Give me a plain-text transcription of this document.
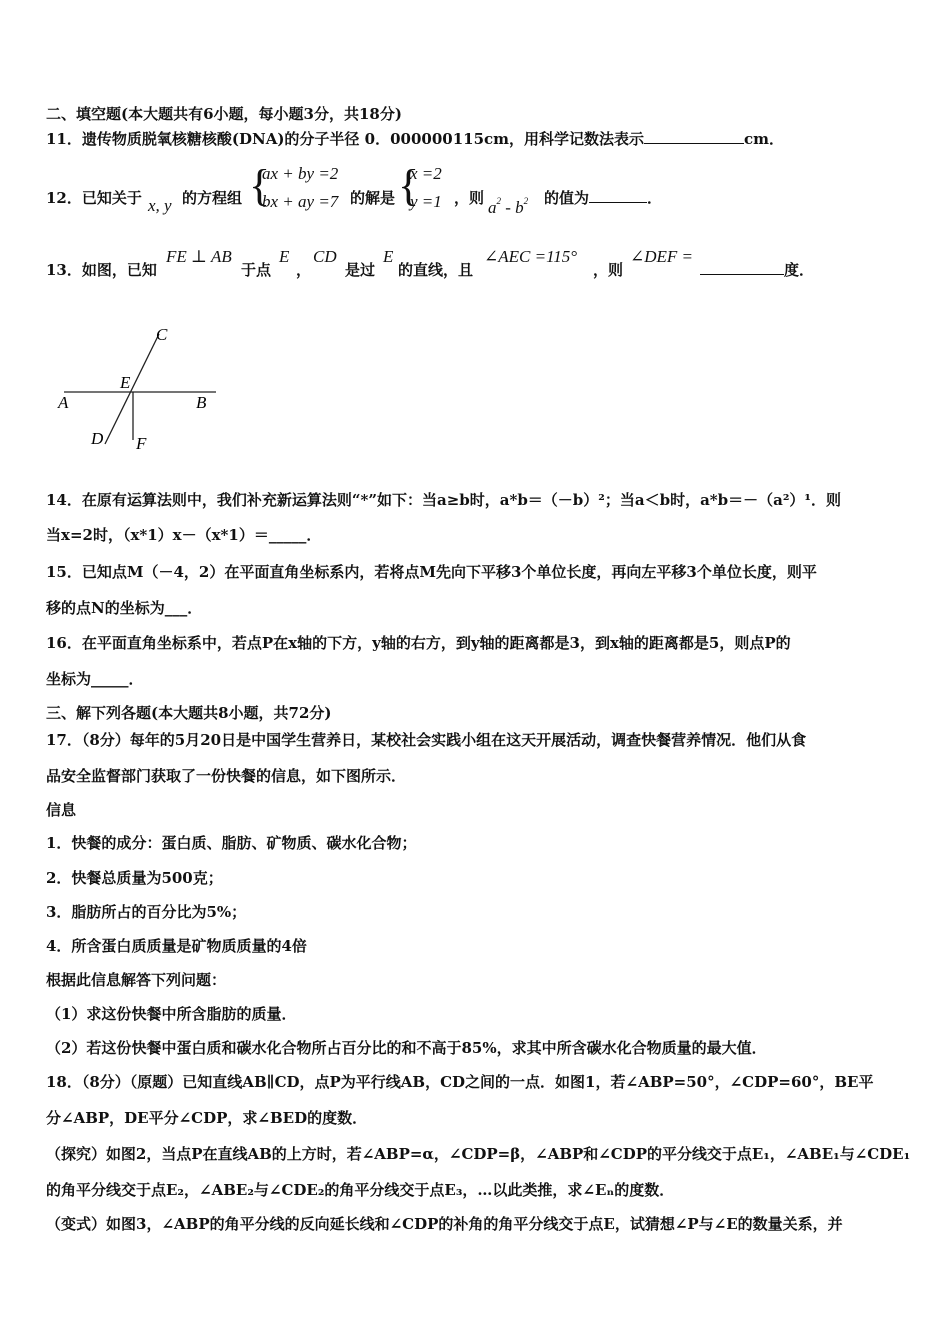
二、填空题(本大题共有6小题，每小题3分，共18分)
11．遗传物质脱氧核糖核酸(DNA)的分子半径 0．000000115cm，用科学记数法表示	cm．
12．已知关于 x, y 的方程组 {
ax + by =2
bx + ay =7 的解是 {
x =2
y =1 ，则 $a^2 - b^2$ 的值为	．
13．如图，已知
FE ⊥ AB
于点
E
，
CD
是过
E
的直线，且
∠AEC =115°
，则
∠DEF =
度．
C
E
A	B
D F
14．在原有运算法则中，我们补充新运算法则“*”如下：当a≥b时，a*b＝（－b）²；当a＜b时，a*b＝－（a²）¹．则
当x=2时，（x*1）x－（x*1）＝_____．
15．已知点M（－4，2）在平面直角坐标系内，若将点M先向下平移3个单位长度，再向左平移3个单位长度，则平
移的点N的坐标为___．
16．在平面直角坐标系中，若点P在x轴的下方，y轴的右方，到y轴的距离都是3，到x轴的距离都是5，则点P的
坐标为_____．
三、解下列各题(本大题共8小题，共72分)
17．（8分）每年的5月20日是中国学生营养日，某校社会实践小组在这天开展活动，调查快餐营养情况．他们从食
品安全监督部门获取了一份快餐的信息，如下图所示．
信息
1．快餐的成分：蛋白质、脂肪、矿物质、碳水化合物；
2．快餐总质量为500克；
3．脂肪所占的百分比为5%；
4．所含蛋白质质量是矿物质质量的4倍
根据此信息解答下列问题：
（1）求这份快餐中所含脂肪的质量．
（2）若这份快餐中蛋白质和碳水化合物所占百分比的和不高于85%，求其中所含碳水化合物质量的最大值．
18．（8分）（原题）已知直线AB∥CD，点P为平行线AB，CD之间的一点．如图1，若∠ABP=50°，∠CDP=60°，BE平
分∠ABP，DE平分∠CDP，求∠BED的度数．
（探究）如图2，当点P在直线AB的上方时，若∠ABP=α，∠CDP=β，∠ABP和∠CDP的平分线交于点E₁，∠ABE₁与∠CDE₁
的角平分线交于点E₂，∠ABE₂与∠CDE₂的角平分线交于点E₃，…以此类推，求∠Eₙ的度数．
（变式）如图3，∠ABP的角平分线的反向延长线和∠CDP的补角的角平分线交于点E，试猜想∠P与∠E的数量关系，并
